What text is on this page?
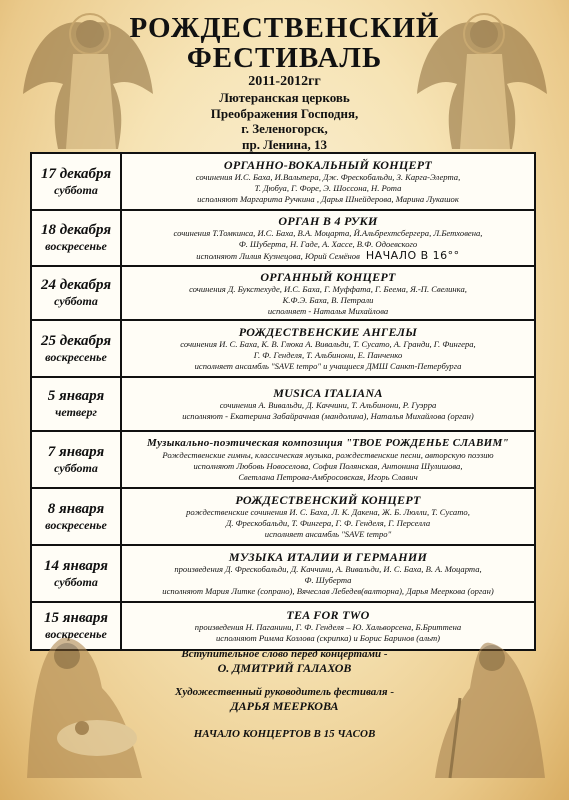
РОЖДЕСТВЕНСКИЙ
ФЕСТИВАЛЬ
2011-2012гг
Лютеранская церковь
Преображения Господня,
г. Зеленогорск,
пр. Ленина, 13
17 декабря
суббота
ОРГАННО-ВОКАЛЬНЫЙ КОНЦЕРТ
сочинения И.С. Баха, И.Вальтера, Дж. Фрескобальди, З. Карга-Элерта,
Т. Дюбуа, Г. Форе, Э. Шоссона, Н. Рота
исполняют Маргарита Ручкина , Дарья Шнейдерова, Марина Лукашок
18 декабря
воскресенье
ОРГАН В 4 РУКИ
сочинения Т.Томкинса, И.С. Баха, В.А. Моцарта, Й.Альбрехтсбергера, Л.Бетховена,
Ф. Шуберта, Н. Гаде, А. Хассе, В.Ф. Одоевского
исполняют Лилия Кузнецова, Юрий Семёнов НАЧАЛО В 16°°
24 декабря
суббота
ОРГАННЫЙ КОНЦЕРТ
сочинения Д. Букстехуде, И.С. Баха, Г. Муффата, Г. Беема, Я.-П. Свелинка,
К.Ф.Э. Баха, В. Петрали
исполняет - Наталья Михайлова
25 декабря
воскресенье
РОЖДЕСТВЕНСКИЕ АНГЕЛЫ
сочинения И. С. Баха, К. В. Глюка А. Вивальди, Т. Сусато, А. Гранди, Г. Фингера,
Г. Ф. Генделя, Т. Альбинони, Е. Панченко
исполняет ансамбль "SAVE tempo" и учащиеся ДМШ Санкт-Петербурга
5 января
четверг
MUSICA ITALIANA
сочинения А. Вивальди, Д. Каччини, Т. Альбинони, Р. Гуэрра
исполняют - Екатерина Забайрачная (мандолина), Наталья Михайлова (орган)
7 января
суббота
Музыкально-поэтическая композиция "ТВОЕ РОЖДЕНЬЕ СЛАВИМ"
Рождественские гимны, классическая музыка, рождественские песни, авторскую поэзию
исполняют Любовь Новоселова, София Полянская, Антонина Шулишова,
Светлана Петрова-Амбросовская, Игорь Славич
8 января
воскресенье
РОЖДЕСТВЕНСКИЙ КОНЦЕРТ
рождественские сочинения И. С. Баха, Л. К. Дакена, Ж. Б. Люлли, Т. Сусато,
Д. Фрескобальди, Т. Фингера, Г. Ф. Генделя, Г. Перселла
исполняет ансамбль "SAVE tempo"
14 января
суббота
МУЗЫКА ИТАЛИИ И ГЕРМАНИИ
произведения Д. Фрескобальди, Д. Каччини, А. Вивальди, И. С. Баха, В. А. Моцарта,
Ф. Шуберта
исполняют Мария Литке (сопрано), Вячеслав Лебедев(валторна), Дарья Меерковa (орган)
15 января
воскресенье
TEA FOR TWO
произведения Н. Паганини, Г. Ф. Генделя – Ю. Хальворсена, Б.Бриттена
исполняют Римма Козлова (скрипка) и Борис Баринов (альт)
Вступительное слово перед концертами -
О. ДМИТРИЙ ГАЛАХОВ
Художественный руководитель фестиваля -
ДАРЬЯ МЕЕРКОВА
НАЧАЛО КОНЦЕРТОВ В 15 ЧАСОВ
